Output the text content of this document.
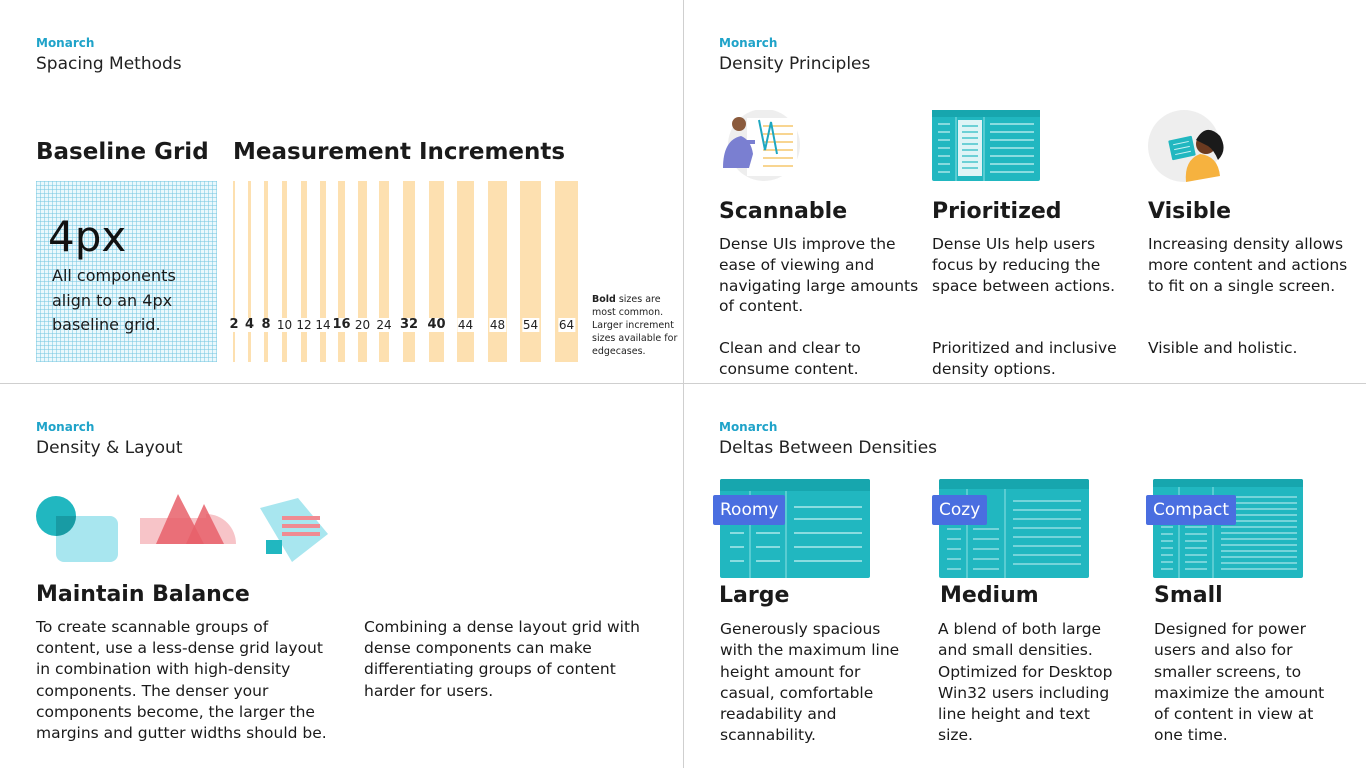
Monarch
Spacing Methods
Baseline Grid Measurement Increments
4px
All components align to an 4px baseline grid.	2 4 8 10 12 14 16 20 24 32 40 44 48 54 64
Bold sizes are most common. Larger increment sizes available for edgecases.
Monarch
Density Principles
Scannable
Dense UIs improve the ease of viewing and navigating large amounts of content.
Clean and clear to consume content.
Prioritized
Dense UIs help users focus by reducing the space between actions.
Prioritized and inclusive density options.
Visible
Increasing density allows more content and actions to fit on a single screen.
Visible and holistic.
Monarch
Density & Layout
Maintain Balance
To create scannable groups of content, use a less-dense grid layout in combination with high-density components. The denser your components become, the larger the margins and gutter widths should be.
Combining a dense layout grid with dense components can make differentiating groups of content harder for users.
Monarch
Deltas Between Densities
Roomy
Large
Generously spacious with the maximum line height amount for casual, comfortable readability and scannability.
Cozy
Medium
A blend of both large and small densities. Optimized for Desktop Win32 users including line height and text size.
Compact
Small
Designed for power users and also for smaller screens, to maximize the amount of content in view at one time.
